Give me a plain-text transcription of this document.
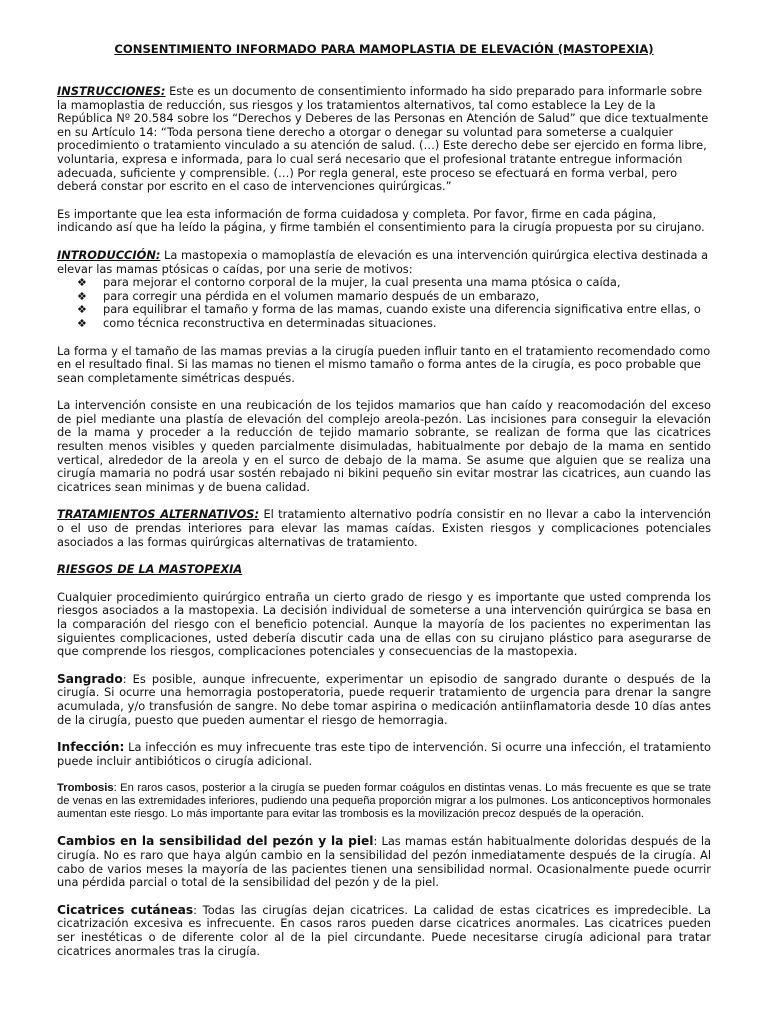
CONSENTIMIENTO INFORMADO PARA MAMOPLASTIA DE ELEVACIÓN (MASTOPEXIA)

INSTRUCCIONES: Este es un documento de consentimiento informado ha sido preparado para informarle sobre la mamoplastia de reducción, sus riesgos y los tratamientos alternativos, tal como establece la Ley de la República Nº 20.584 sobre los “Derechos y Deberes de las Personas en Atención de Salud” que dice textualmente en su Artículo 14: “Toda persona tiene derecho a otorgar o denegar su voluntad para someterse a cualquier procedimiento o tratamiento vinculado a su atención de salud. (…) Este derecho debe ser ejercido en forma libre, voluntaria, expresa e informada, para lo cual será necesario que el profesional tratante entregue información adecuada, suficiente y comprensible. (…) Por regla general, este proceso se efectuará en forma verbal, pero deberá constar por escrito en el caso de intervenciones quirúrgicas.”

Es importante que lea esta información de forma cuidadosa y completa. Por favor, firme en cada página, indicando así que ha leído la página, y firme también el consentimiento para la cirugía propuesta por su cirujano.

INTRODUCCIÓN: La mastopexia o mamoplastía de elevación es una intervención quirúrgica electiva destinada a elevar las mamas ptósicas o caídas, por una serie de motivos:

❖ para mejorar el contorno corporal de la mujer, la cual presenta una mama ptósica o caída,
❖ para corregir una pérdida en el volumen mamario después de un embarazo,
❖ para equilibrar el tamaño y forma de las mamas, cuando existe una diferencia significativa entre ellas, o
❖ como técnica reconstructiva en determinadas situaciones.

La forma y el tamaño de las mamas previas a la cirugía pueden influir tanto en el tratamiento recomendado como en el resultado final. Si las mamas no tienen el mismo tamaño o forma antes de la cirugía, es poco probable que sean completamente simétricas después.

La intervención consiste en una reubicación de los tejidos mamarios que han caído y reacomodación del exceso de piel mediante una plastía de elevación del complejo areola-pezón. Las incisiones para conseguir la elevación de la mama y proceder a la reducción de tejido mamario sobrante, se realizan de forma que las cicatrices resulten menos visibles y queden parcialmente disimuladas, habitualmente por debajo de la mama en sentido vertical, alrededor de la areola y en el surco de debajo de la mama. Se asume que alguien que se realiza una cirugía mamaria no podrá usar sostén rebajado ni bikini pequeño sin evitar mostrar las cicatrices, aun cuando las cicatrices sean minimas y de buena calidad.

TRATAMIENTOS ALTERNATIVOS: El tratamiento alternativo podría consistir en no llevar a cabo la intervención o el uso de prendas interiores para elevar las mamas caídas. Existen riesgos y complicaciones potenciales asociados a las formas quirúrgicas alternativas de tratamiento.

RIESGOS DE LA MASTOPEXIA

Cualquier procedimiento quirúrgico entraña un cierto grado de riesgo y es importante que usted comprenda los riesgos asociados a la mastopexia. La decisión individual de someterse a una intervención quirúrgica se basa en la comparación del riesgo con el beneficio potencial. Aunque la mayoría de los pacientes no experimentan las siguientes complicaciones, usted debería discutir cada una de ellas con su cirujano plástico para asegurarse de que comprende los riesgos, complicaciones potenciales y consecuencias de la mastopexia.

Sangrado: Es posible, aunque infrecuente, experimentar un episodio de sangrado durante o después de la cirugía. Si ocurre una hemorragia postoperatoria, puede requerir tratamiento de urgencia para drenar la sangre acumulada, y/o transfusión de sangre. No debe tomar aspirina o medicación antiinflamatoria desde 10 días antes de la cirugía, puesto que pueden aumentar el riesgo de hemorragia.

Infección: La infección es muy infrecuente tras este tipo de intervención. Si ocurre una infección, el tratamiento puede incluir antibióticos o cirugía adicional.

Trombosis: En raros casos, posterior a la cirugía se pueden formar coágulos en distintas venas. Lo más frecuente es que se trate de venas en las extremidades inferiores, pudiendo una pequeña proporción migrar a los pulmones. Los anticonceptivos hormonales aumentan este riesgo. Lo más importante para evitar las trombosis es la movilización precoz después de la operación.

Cambios en la sensibilidad del pezón y la piel: Las mamas están habitualmente doloridas después de la cirugía. No es raro que haya algún cambio en la sensibilidad del pezón inmediatamente después de la cirugía. Al cabo de varios meses la mayoría de las pacientes tienen una sensibilidad normal. Ocasionalmente puede ocurrir una pérdida parcial o total de la sensibilidad del pezón y de la piel.

Cicatrices cutáneas: Todas las cirugías dejan cicatrices. La calidad de estas cicatrices es impredecible. La cicatrización excesiva es infrecuente. En casos raros pueden darse cicatrices anormales. Las cicatrices pueden ser inestéticas o de diferente color al de la piel circundante. Puede necesitarse cirugía adicional para tratar cicatrices anormales tras la cirugía.
